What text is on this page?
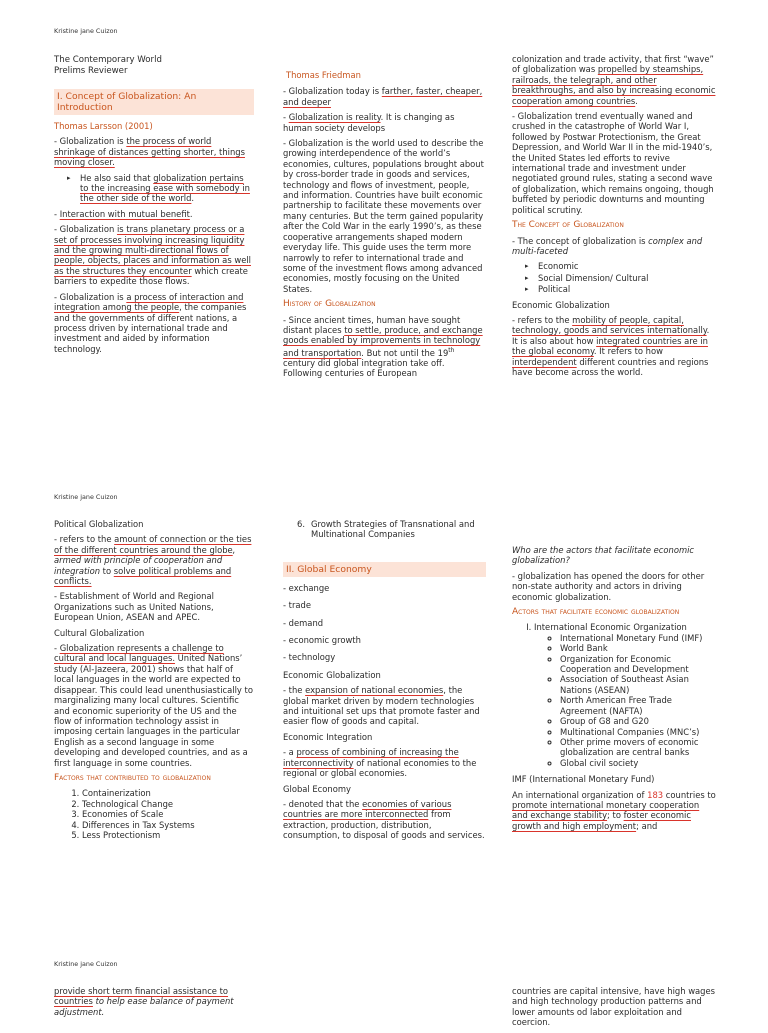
Kristine jane Cuizon
The Contemporary World
Prelims Reviewer
I. Concept of Globalization: An Introduction

Thomas Larsson (2001)

- Globalization is the process of world shrinkage of distances getting shorter, things moving closer.

▸ He also said that globalization pertains to the increasing ease with somebody in the other side of the world.

- Interaction with mutual benefit.

- Globalization is trans planetary process or a set of processes involving increasing liquidity and the growing multi-directional flows of people, objects, places and information as well as the structures they encounter which create barriers to expedite those flows.

- Globalization is a process of interaction and integration among the people, the companies and the governments of different nations, a process driven by international trade and investment and aided by information technology.

Thomas Friedman

- Globalization today is farther, faster, cheaper, and deeper

- Globalization is reality. It is changing as human society develops

- Globalization is the world used to describe the growing interdependence of the world’s economies, cultures, populations brought about by cross-border trade in goods and services, technology and flows of investment, people, and information. Countries have built economic partnership to facilitate these movements over many centuries. But the term gained popularity after the Cold War in the early 1990’s, as these cooperative arrangements shaped modern everyday life. This guide uses the term more narrowly to refer to international trade and some of the investment flows among advanced economies, mostly focusing on the United States.

History of Globalization

- Since ancient times, human have sought distant places to settle, produce, and exchange goods enabled by improvements in technology and transportation. But not until the 19th century did global integration take off. Following centuries of European

colonization and trade activity, that first “wave” of globalization was propelled by steamships, railroads, the telegraph, and other breakthroughs, and also by increasing economic cooperation among countries.

- Globalization trend eventually waned and crushed in the catastrophe of World War I, followed by Postwar Protectionism, the Great Depression, and World War II in the mid-1940’s, the United States led efforts to revive international trade and investment under negotiated ground rules, stating a second wave of globalization, which remains ongoing, though buffeted by periodic downturns and mounting political scrutiny.

The Concept of Globalization

- The concept of globalization is complex and multi-faceted

▸ Economic
▸ Social Dimension/ Cultural
▸ Political

Economic Globalization

- refers to the mobility of people, capital, technology, goods and services internationally. It is also about how integrated countries are in the global economy. It refers to how interdependent different countries and regions have become across the world.

Kristine jane Cuizon

Political Globalization

- refers to the amount of connection or the ties of the different countries around the globe, armed with principle of cooperation and integration to solve political problems and conflicts.

- Establishment of World and Regional Organizations such as United Nations, European Union, ASEAN and APEC.

Cultural Globalization

- Globalization represents a challenge to cultural and local languages. United Nations’ study (Al-Jazeera, 2001) shows that half of local languages in the world are expected to disappear. This could lead unenthusiastically to marginalizing many local cultures. Scientific and economic superiority of the US and the flow of information technology assist in imposing certain languages in the particular English as a second language in some developing and developed countries, and as a first language in some countries.

Factors that contributed to globalization

1. Containerization
2. Technological Change
3. Economies of Scale
4. Differences in Tax Systems
5. Less Protectionism
6. Growth Strategies of Transnational and Multinational Companies
II. Global Economy

- exchange

- trade

- demand

- economic growth

- technology

Economic Globalization

- the expansion of national economies, the global market driven by modern technologies and intuitional set ups that promote faster and easier flow of goods and capital.

Economic Integration

- a process of combining of increasing the interconnectivity of national economies to the regional or global economies.

Global Economy

- denoted that the economies of various countries are more interconnected from extraction, production, distribution, consumption, to disposal of goods and services.

Who are the actors that facilitate economic globalization?

- globalization has opened the doors for other non-state authority and actors in driving economic globalization.

Actors that facilitate economic globalization

I. International Economic Organization
◦ International Monetary Fund (IMF)
◦ World Bank
◦ Organization for Economic Cooperation and Development
◦ Association of Southeast Asian Nations (ASEAN)
◦ North American Free Trade Agreement (NAFTA)
◦ Group of G8 and G20
◦ Multinational Companies (MNC’s)
◦ Other prime movers of economic globalization are central banks
◦ Global civil society

IMF (International Monetary Fund)

An international organization of 183 countries to promote international monetary cooperation and exchange stability; to foster economic growth and high employment; and

Kristine jane Cuizon

provide short term financial assistance to countries to help ease balance of payment adjustment.

countries are capital intensive, have high wages and high technology production patterns and lower amounts od labor exploitation and coercion.
